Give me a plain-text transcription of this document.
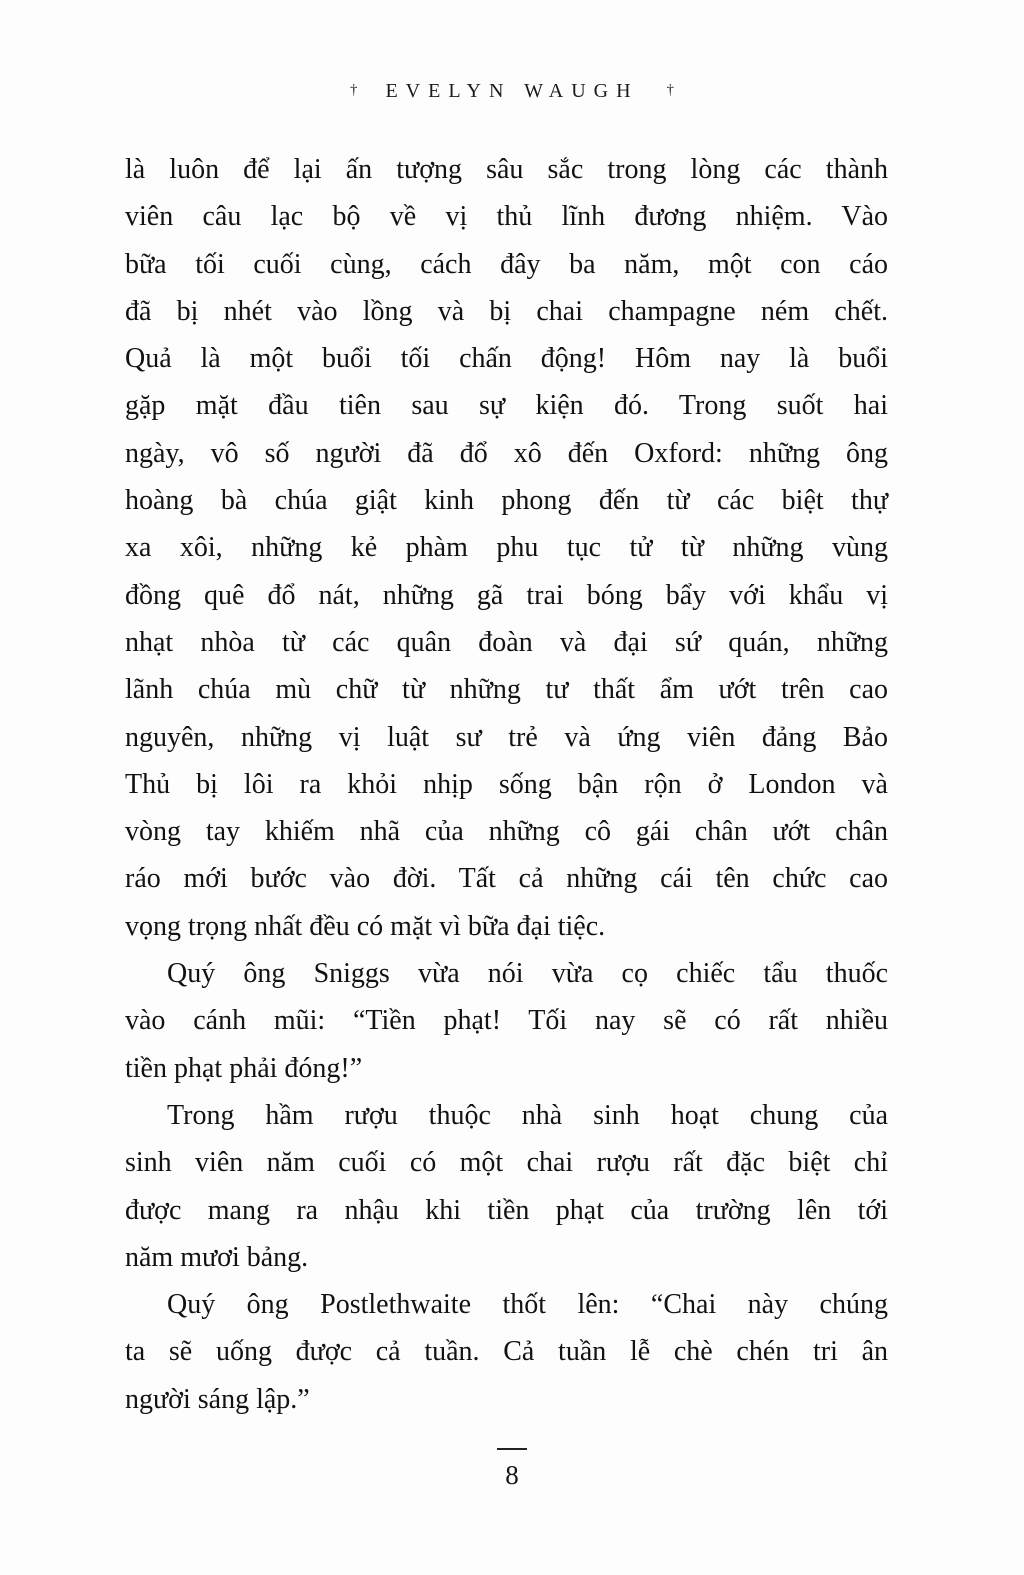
† EVELYN WAUGH †
là luôn để lại ấn tượng sâu sắc trong lòng các thành
viên câu lạc bộ về vị thủ lĩnh đương nhiệm. Vào
bữa tối cuối cùng, cách đây ba năm, một con cáo
đã bị nhét vào lồng và bị chai champagne ném chết.
Quả là một buổi tối chấn động! Hôm nay là buổi
gặp mặt đầu tiên sau sự kiện đó. Trong suốt hai
ngày, vô số người đã đổ xô đến Oxford: những ông
hoàng bà chúa giật kinh phong đến từ các biệt thự
xa xôi, những kẻ phàm phu tục tử từ những vùng
đồng quê đổ nát, những gã trai bóng bẩy với khẩu vị
nhạt nhòa từ các quân đoàn và đại sứ quán, những
lãnh chúa mù chữ từ những tư thất ẩm ướt trên cao
nguyên, những vị luật sư trẻ và ứng viên đảng Bảo
Thủ bị lôi ra khỏi nhịp sống bận rộn ở London và
vòng tay khiếm nhã của những cô gái chân ướt chân
ráo mới bước vào đời. Tất cả những cái tên chức cao
vọng trọng nhất đều có mặt vì bữa đại tiệc.
Quý ông Sniggs vừa nói vừa cọ chiếc tẩu thuốc
vào cánh mũi: “Tiền phạt! Tối nay sẽ có rất nhiều
tiền phạt phải đóng!”
Trong hầm rượu thuộc nhà sinh hoạt chung của
sinh viên năm cuối có một chai rượu rất đặc biệt chỉ
được mang ra nhậu khi tiền phạt của trường lên tới
năm mươi bảng.
Quý ông Postlethwaite thốt lên: “Chai này chúng
ta sẽ uống được cả tuần. Cả tuần lễ chè chén tri ân
người sáng lập.”
8
